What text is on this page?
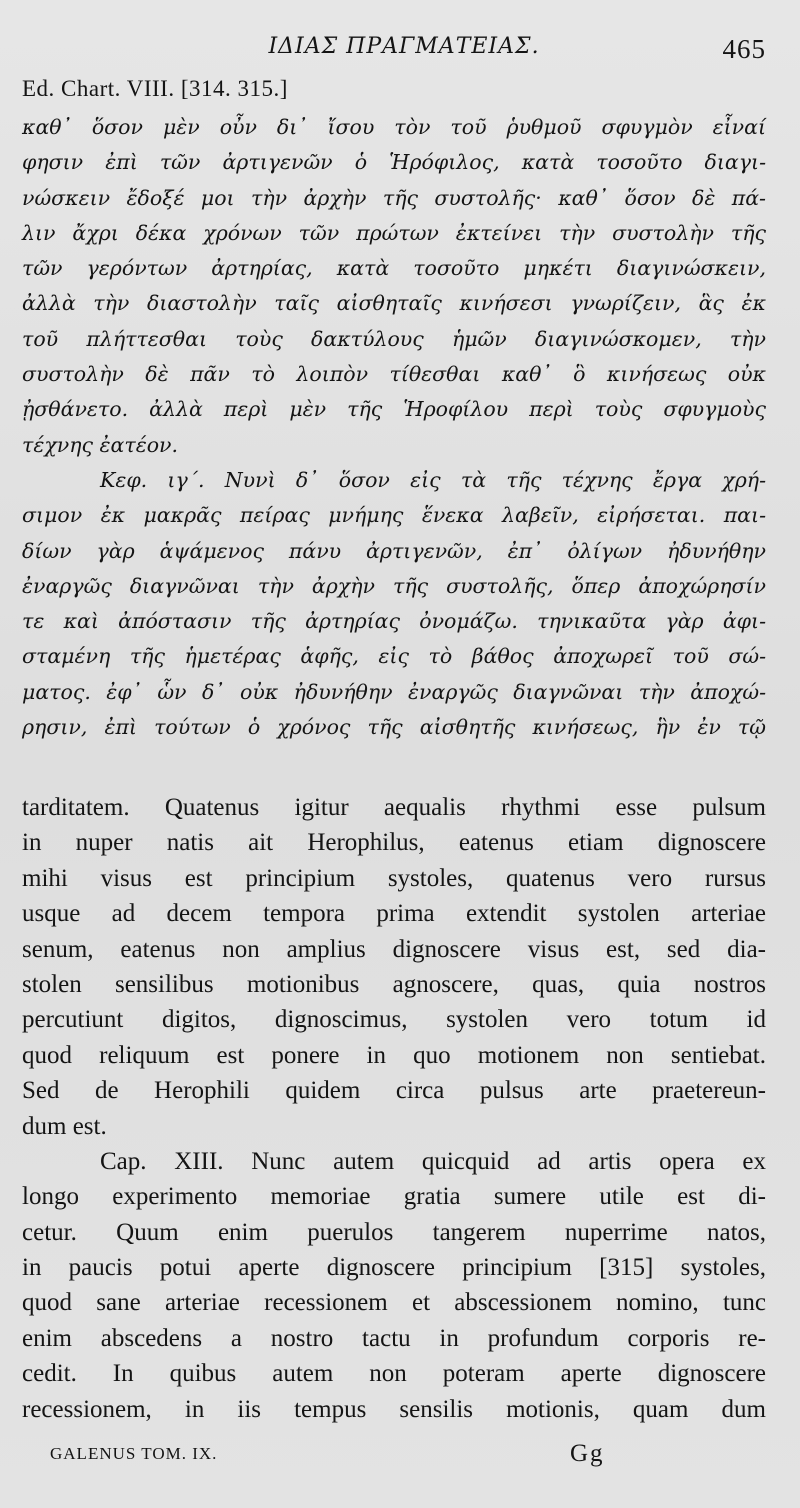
ΙΔΙΑΣ ΠΡΑΓΜΑΤΕΙΑΣ.	465
Ed. Chart. VIII. [314. 315.]
καθ᾽ ὅσον μὲν οὖν δι᾽ ἴσου τὸν τοῦ ῥυθμοῦ σφυγμὸν εἶναί
φησιν ἐπὶ τῶν ἀρτιγενῶν ὁ Ἡρόφιλος, κατὰ τοσοῦτο διαγι-
νώσκειν ἔδοξέ μοι τὴν ἀρχὴν τῆς συστολῆς· καθ᾽ ὅσον δὲ πά-
λιν ἄχρι δέκα χρόνων τῶν πρώτων ἐκτείνει τὴν συστολὴν τῆς
τῶν γερόντων ἀρτηρίας, κατὰ τοσοῦτο μηκέτι διαγινώσκειν,
ἀλλὰ τὴν διαστολὴν ταῖς αἰσθηταῖς κινήσεσι γνωρίζειν, ἃς ἐκ
τοῦ πλήττεσθαι τοὺς δακτύλους ἡμῶν διαγινώσκομεν, τὴν
συστολὴν δὲ πᾶν τὸ λοιπὸν τίθεσθαι καθ᾽ ὃ κινήσεως οὐκ
ᾐσθάνετο. ἀλλὰ περὶ μὲν τῆς Ἡροφίλου περὶ τοὺς σφυγμοὺς
τέχνης ἐατέον.
Κεφ. ιγ΄. Νυνὶ δ᾽ ὅσον εἰς τὰ τῆς τέχνης ἔργα χρή-
σιμον ἐκ μακρᾶς πείρας μνήμης ἕνεκα λαβεῖν, εἰρήσεται. παι-
δίων γὰρ ἁψάμενος πάνυ ἀρτιγενῶν, ἐπ᾽ ὀλίγων ἠδυνήθην
ἐναργῶς διαγνῶναι τὴν ἀρχὴν τῆς συστολῆς, ὅπερ ἀποχώρησίν
τε καὶ ἀπόστασιν τῆς ἀρτηρίας ὀνομάζω. τηνικαῦτα γὰρ ἀφι-
σταμένη τῆς ἡμετέρας ἁφῆς, εἰς τὸ βάθος ἀποχωρεῖ τοῦ σώ-
ματος. ἐφ᾽ ὧν δ᾽ οὐκ ἠδυνήθην ἐναργῶς διαγνῶναι τὴν ἀποχώ-
ρησιν, ἐπὶ τούτων ὁ χρόνος τῆς αἰσθητῆς κινήσεως, ἣν ἐν τῷ
tarditatem. Quatenus igitur aequalis rhythmi esse pulsum
in nuper natis ait Herophilus, eatenus etiam dignoscere
mihi visus est principium systoles, quatenus vero rursus
usque ad decem tempora prima extendit systolen arteriae
senum, eatenus non amplius dignoscere visus est, sed dia-
stolen sensilibus motionibus agnoscere, quas, quia nostros
percutiunt digitos, dignoscimus, systolen vero totum id
quod reliquum est ponere in quo motionem non sentiebat.
Sed de Herophili quidem circa pulsus arte praetereun-
dum est.
Cap. XIII. Nunc autem quicquid ad artis opera ex
longo experimento memoriae gratia sumere utile est di-
cetur. Quum enim puerulos tangerem nuperrime natos,
in paucis potui aperte dignoscere principium [315] systoles,
quod sane arteriae recessionem et abscessionem nomino, tunc
enim abscedens a nostro tactu in profundum corporis re-
cedit. In quibus autem non poteram aperte dignoscere
recessionem, in iis tempus sensilis motionis, quam dum
GALENUS TOM. IX.	Gg
